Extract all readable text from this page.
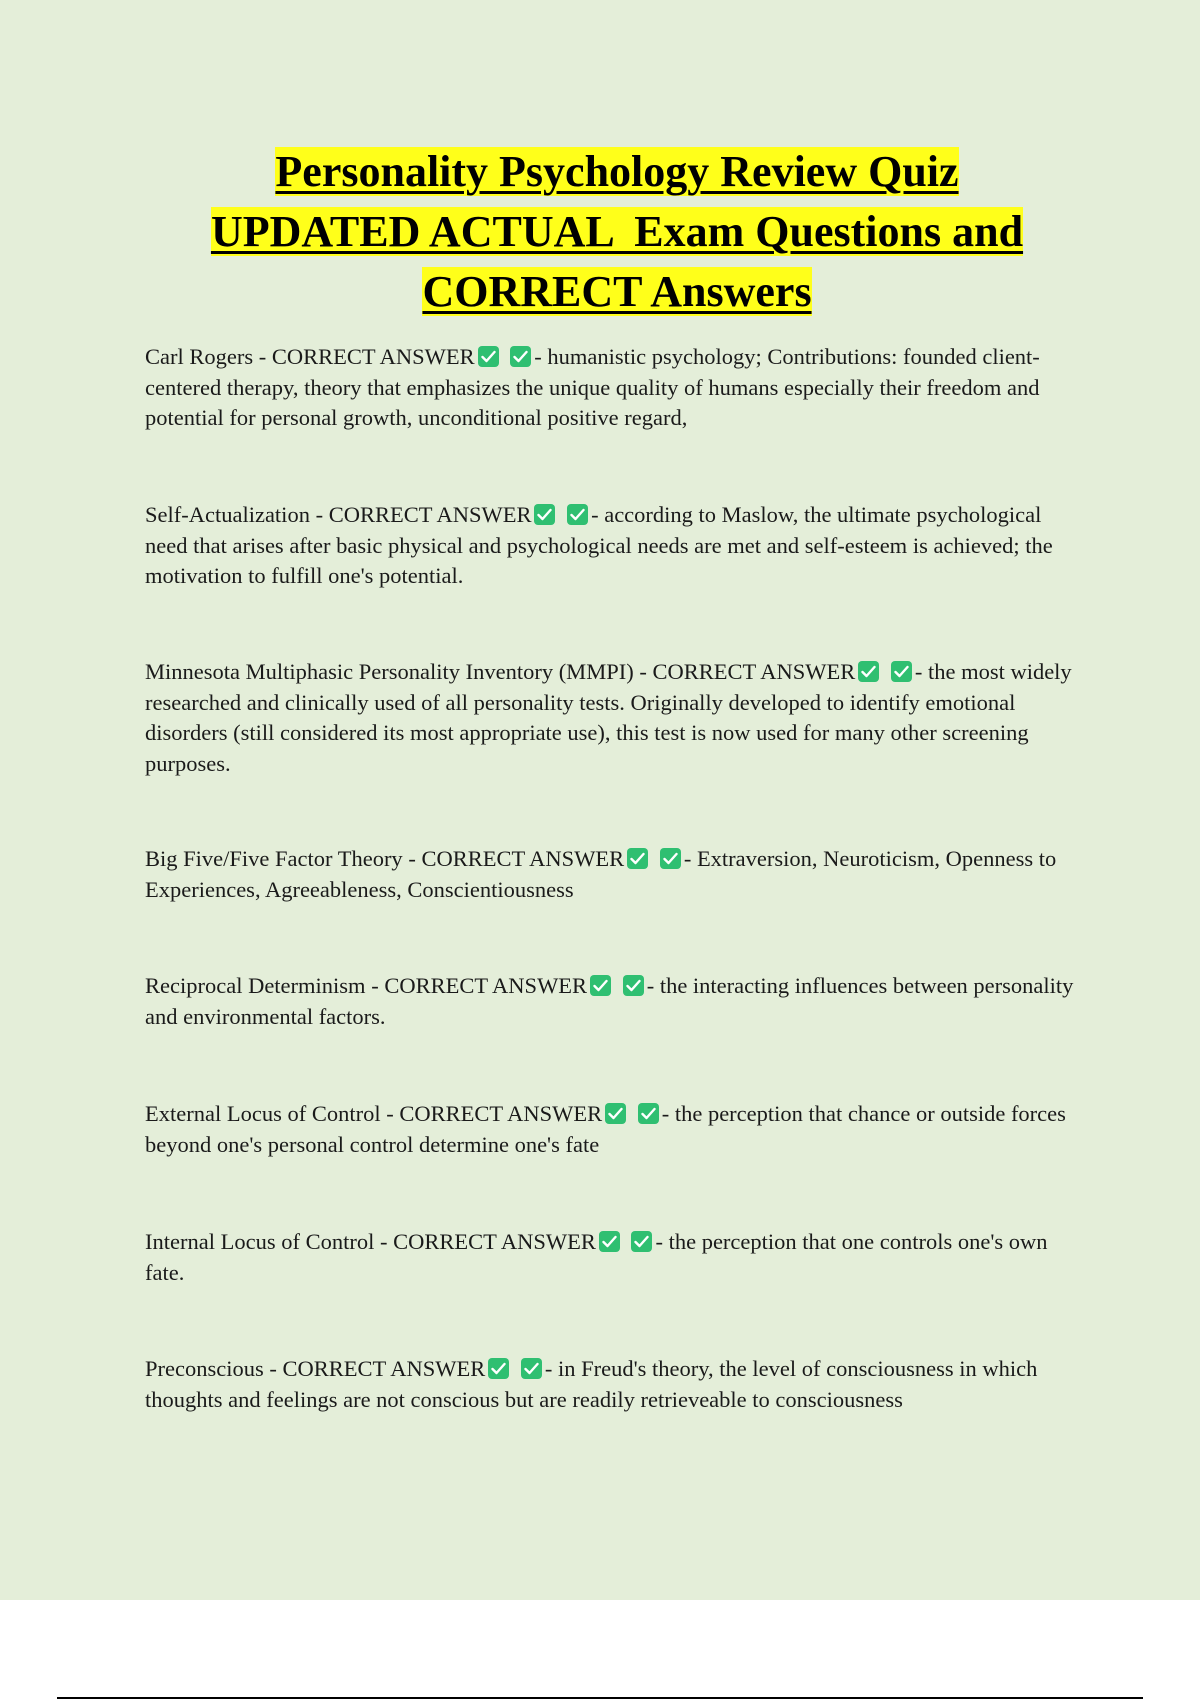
Personality Psychology Review Quiz
UPDATED ACTUAL  Exam Questions and
CORRECT Answers

Carl Rogers - CORRECT ANSWER
	- humanistic psychology; Contributions: founded client-centered therapy, theory that emphasizes the unique quality of humans especially their freedom and potential for personal growth, unconditional positive regard,

Self-Actualization - CORRECT ANSWER
	- according to Maslow, the ultimate psychological need that arises after basic physical and psychological needs are met and self-esteem is achieved; the motivation to fulfill one's potential.

Minnesota Multiphasic Personality Inventory (MMPI) - CORRECT ANSWER
	- the most widely researched and clinically used of all personality tests. Originally developed to identify emotional disorders (still considered its most appropriate use), this test is now used for many other screening purposes.

Big Five/Five Factor Theory - CORRECT ANSWER
	- Extraversion, Neuroticism, Openness to Experiences, Agreeableness, Conscientiousness

Reciprocal Determinism - CORRECT ANSWER
	- the interacting influences between personality and environmental factors.

External Locus of Control - CORRECT ANSWER
	- the perception that chance or outside forces beyond one's personal control determine one's fate

Internal Locus of Control - CORRECT ANSWER
	- the perception that one controls one's own fate.

Preconscious - CORRECT ANSWER
	- in Freud's theory, the level of consciousness in which thoughts and feelings are not conscious but are readily retrieveable to consciousness
